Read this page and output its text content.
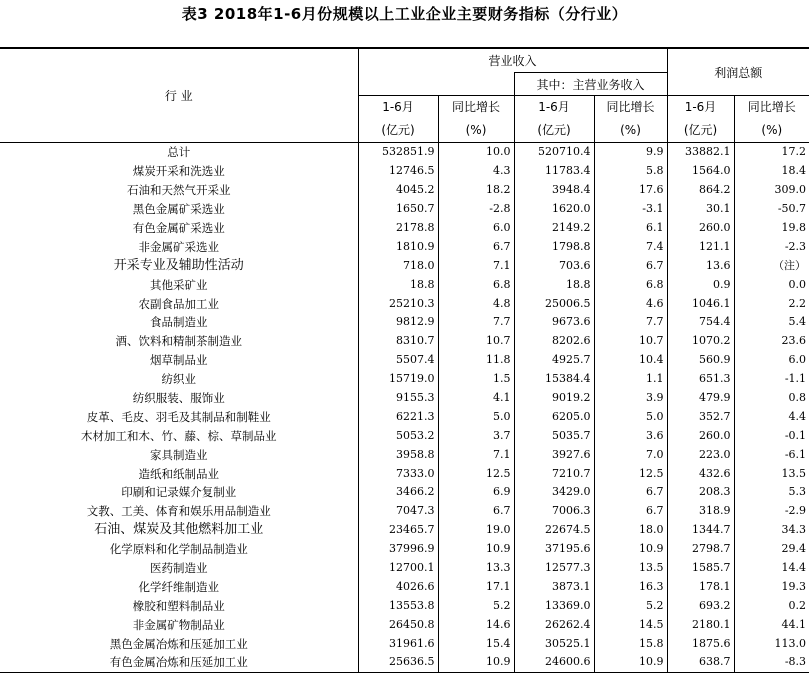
表3 2018年1-6月份规模以上工业企业主要财务指标（分行业）
行 业	营业收入				利润总额	
			其中：主营业务收入			
	1-6月	同比增长	1-6月	同比增长	1-6月	同比增长
	(亿元)	(%)	(亿元)	(%)	(亿元)	(%)
总计	532851.9	10.0	520710.4	9.9	33882.1	17.2
煤炭开采和洗选业	12746.5	4.3	11783.4	5.8	1564.0	18.4
石油和天然气开采业	4045.2	18.2	3948.4	17.6	864.2	309.0
黑色金属矿采选业	1650.7	-2.8	1620.0	-3.1	30.1	-50.7
有色金属矿采选业	2178.8	6.0	2149.2	6.1	260.0	19.8
非金属矿采选业	1810.9	6.7	1798.8	7.4	121.1	-2.3
开采专业及辅助性活动	718.0	7.1	703.6	6.7	13.6	（注）
其他采矿业	18.8	6.8	18.8	6.8	0.9	0.0
农副食品加工业	25210.3	4.8	25006.5	4.6	1046.1	2.2
食品制造业	9812.9	7.7	9673.6	7.7	754.4	5.4
酒、饮料和精制茶制造业	8310.7	10.7	8202.6	10.7	1070.2	23.6
烟草制品业	5507.4	11.8	4925.7	10.4	560.9	6.0
纺织业	15719.0	1.5	15384.4	1.1	651.3	-1.1
纺织服装、服饰业	9155.3	4.1	9019.2	3.9	479.9	0.8
皮革、毛皮、羽毛及其制品和制鞋业	6221.3	5.0	6205.0	5.0	352.7	4.4
木材加工和木、竹、藤、棕、草制品业	5053.2	3.7	5035.7	3.6	260.0	-0.1
家具制造业	3958.8	7.1	3927.6	7.0	223.0	-6.1
造纸和纸制品业	7333.0	12.5	7210.7	12.5	432.6	13.5
印刷和记录媒介复制业	3466.2	6.9	3429.0	6.7	208.3	5.3
文教、工美、体育和娱乐用品制造业	7047.3	6.7	7006.3	6.7	318.9	-2.9
石油、煤炭及其他燃料加工业	23465.7	19.0	22674.5	18.0	1344.7	34.3
化学原料和化学制品制造业	37996.9	10.9	37195.6	10.9	2798.7	29.4
医药制造业	12700.1	13.3	12577.3	13.5	1585.7	14.4
化学纤维制造业	4026.6	17.1	3873.1	16.3	178.1	19.3
橡胶和塑料制品业	13553.8	5.2	13369.0	5.2	693.2	0.2
非金属矿物制品业	26450.8	14.6	26262.4	14.5	2180.1	44.1
黑色金属冶炼和压延加工业	31961.6	15.4	30525.1	15.8	1875.6	113.0
有色金属冶炼和压延加工业	25636.5	10.9	24600.6	10.9	638.7	-8.3
